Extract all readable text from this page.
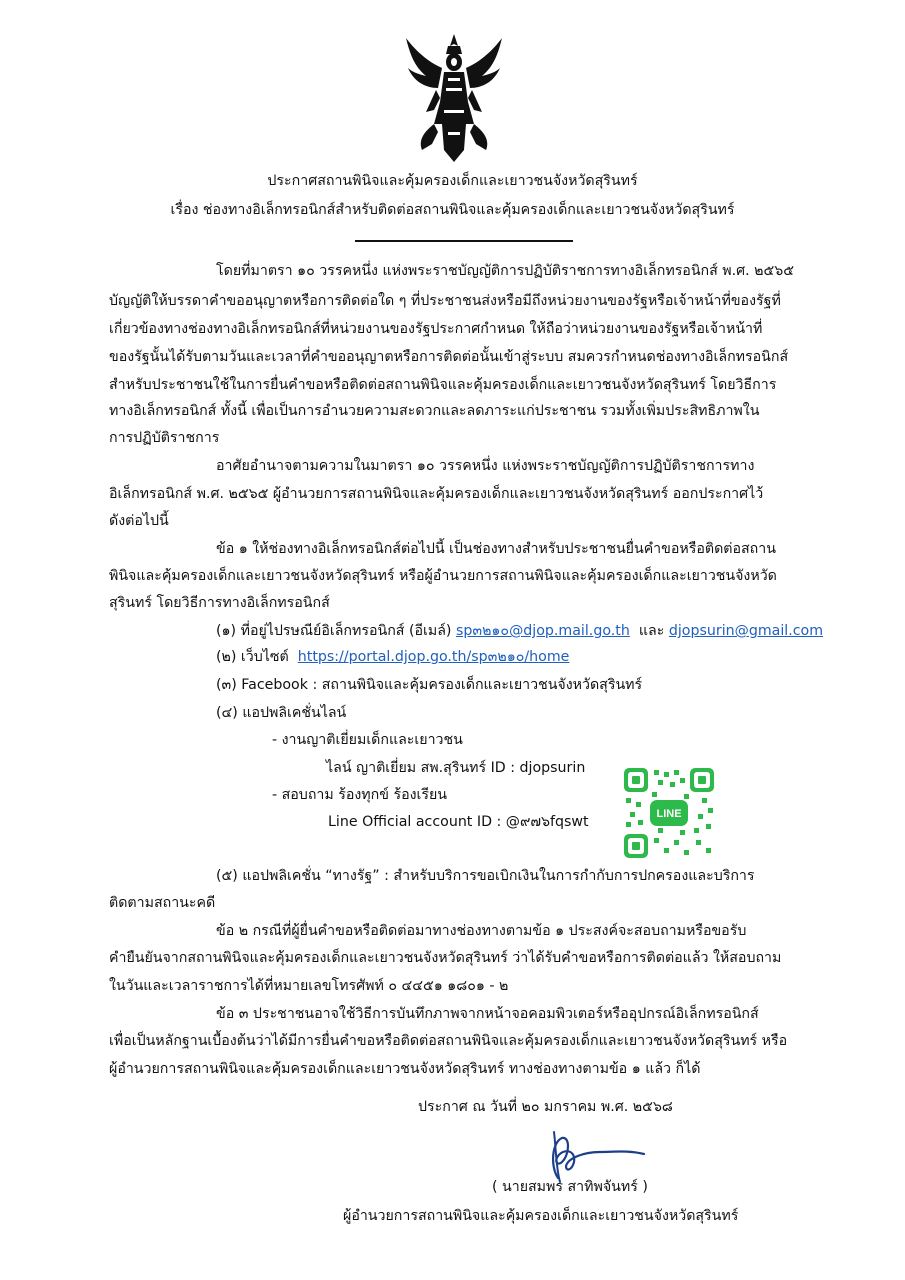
ประกาศสถานพินิจและคุ้มครองเด็กและเยาวชนจังหวัดสุรินทร์
เรื่อง ช่องทางอิเล็กทรอนิกส์สำหรับติดต่อสถานพินิจและคุ้มครองเด็กและเยาวชนจังหวัดสุรินทร์
โดยที่มาตรา ๑๐ วรรคหนึ่ง แห่งพระราชบัญญัติการปฏิบัติราชการทางอิเล็กทรอนิกส์ พ.ศ. ๒๕๖๕
บัญญัติให้บรรดาคำขออนุญาตหรือการติดต่อใด ๆ ที่ประชาชนส่งหรือมีถึงหน่วยงานของรัฐหรือเจ้าหน้าที่ของรัฐที่
เกี่ยวข้องทางช่องทางอิเล็กทรอนิกส์ที่หน่วยงานของรัฐประกาศกำหนด ให้ถือว่าหน่วยงานของรัฐหรือเจ้าหน้าที่
ของรัฐนั้นได้รับตามวันและเวลาที่คำขออนุญาตหรือการติดต่อนั้นเข้าสู่ระบบ สมควรกำหนดช่องทางอิเล็กทรอนิกส์
สำหรับประชาชนใช้ในการยื่นคำขอหรือติดต่อสถานพินิจและคุ้มครองเด็กและเยาวชนจังหวัดสุรินทร์ โดยวิธีการ
ทางอิเล็กทรอนิกส์ ทั้งนี้ เพื่อเป็นการอำนวยความสะดวกและลดภาระแก่ประชาชน รวมทั้งเพิ่มประสิทธิภาพใน
การปฏิบัติราชการ
อาศัยอำนาจตามความในมาตรา ๑๐ วรรคหนึ่ง แห่งพระราชบัญญัติการปฏิบัติราชการทาง
อิเล็กทรอนิกส์ พ.ศ. ๒๕๖๕ ผู้อำนวยการสถานพินิจและคุ้มครองเด็กและเยาวชนจังหวัดสุรินทร์ ออกประกาศไว้
ดังต่อไปนี้
ข้อ ๑ ให้ช่องทางอิเล็กทรอนิกส์ต่อไปนี้ เป็นช่องทางสำหรับประชาชนยื่นคำขอหรือติดต่อสถาน
พินิจและคุ้มครองเด็กและเยาวชนจังหวัดสุรินทร์ หรือผู้อำนวยการสถานพินิจและคุ้มครองเด็กและเยาวชนจังหวัด
สุรินทร์ โดยวิธีการทางอิเล็กทรอนิกส์
(๑) ที่อยู่ไปรษณีย์อิเล็กทรอนิกส์ (อีเมล์) sp๓๒๑๐@djop.mail.go.th และ djopsurin@gmail.com
(๒) เว็บไซต์ https://portal.djop.go.th/sp๓๒๑๐/home
(๓) Facebook : สถานพินิจและคุ้มครองเด็กและเยาวชนจังหวัดสุรินทร์
(๔) แอปพลิเคชั่นไลน์
- งานญาติเยี่ยมเด็กและเยาวชน
ไลน์ ญาติเยี่ยม สพ.สุรินทร์ ID : djopsurin
- สอบถาม ร้องทุกข์ ร้องเรียน
Line Official account ID : @๙๗๖fqswt	LINE
(๕) แอปพลิเคชั่น “ทางรัฐ” : สำหรับบริการขอเบิกเงินในการกำกับการปกครองและบริการ
ติดตามสถานะคดี
ข้อ ๒ กรณีที่ผู้ยื่นคำขอหรือติดต่อมาทางช่องทางตามข้อ ๑ ประสงค์จะสอบถามหรือขอรับ
คำยืนยันจากสถานพินิจและคุ้มครองเด็กและเยาวชนจังหวัดสุรินทร์ ว่าได้รับคำขอหรือการติดต่อแล้ว ให้สอบถาม
ในวันและเวลาราชการได้ที่หมายเลขโทรศัพท์ ๐ ๔๔๕๑ ๑๘๐๑ - ๒
ข้อ ๓ ประชาชนอาจใช้วิธีการบันทึกภาพจากหน้าจอคอมพิวเตอร์หรืออุปกรณ์อิเล็กทรอนิกส์
เพื่อเป็นหลักฐานเบื้องต้นว่าได้มีการยื่นคำขอหรือติดต่อสถานพินิจและคุ้มครองเด็กและเยาวชนจังหวัดสุรินทร์ หรือ
ผู้อำนวยการสถานพินิจและคุ้มครองเด็กและเยาวชนจังหวัดสุรินทร์ ทางช่องทางตามข้อ ๑ แล้ว ก็ได้
ประกาศ ณ วันที่ ๒๐ มกราคม พ.ศ. ๒๕๖๘
( นายสมพร สาทิพจันทร์ )
ผู้อำนวยการสถานพินิจและคุ้มครองเด็กและเยาวชนจังหวัดสุรินทร์
